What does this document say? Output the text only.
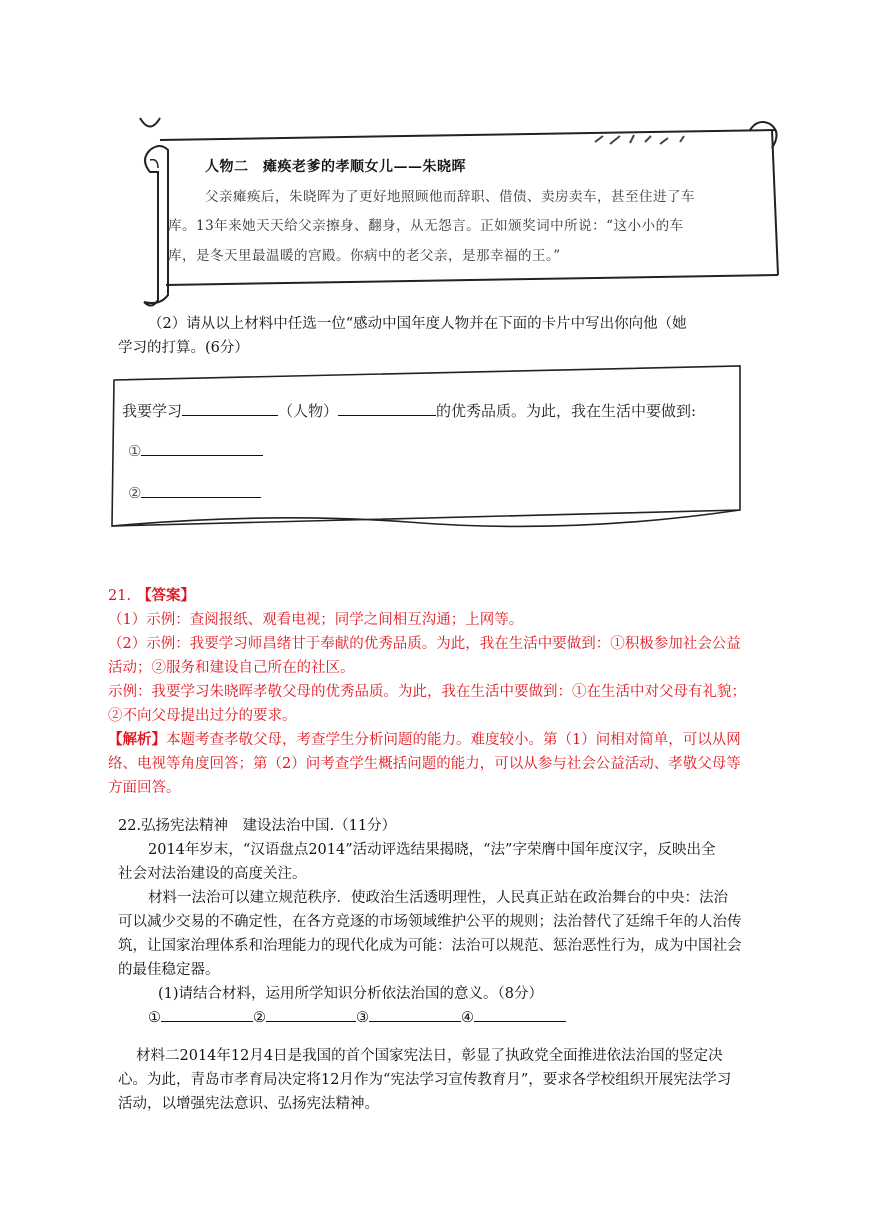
人物二　瘫痪老爹的孝顺女儿——朱晓晖
父亲瘫痪后，朱晓晖为了更好地照顾他而辞职、借债、卖房卖车，甚至住进了车
库。13年来她天天给父亲擦身、翻身，从无怨言。正如颁奖词中所说：“这小小的车
库，是冬天里最温暖的宫殿。你病中的老父亲，是那幸福的王。”
（2）请从以上材料中任选一位“感动中国年度人物并在下面的卡片中写出你向他（她
学习的打算。(6分）
我要学习	（人物）	的优秀品质。为此，我在生活中要做到:
①
②
21. 【答案】
（1）示例：查阅报纸、观看电视；同学之间相互沟通；上网等。
（2）示例：我要学习师昌绪甘于奉献的优秀品质。为此，我在生活中要做到：①积极参加社会公益
活动；②服务和建设自己所在的社区。
示例：我要学习朱晓晖孝敬父母的优秀品质。为此，我在生活中要做到：①在生活中对父母有礼貌；
②不向父母提出过分的要求。
【解析】本题考查孝敬父母，考查学生分析问题的能力。难度较小。第（1）问相对简单，可以从网
络、电视等角度回答；第（2）问考查学生概括问题的能力，可以从参与社会公益活动、孝敬父母等
方面回答。
22.弘扬宪法精神　建设法治中国.（11分）
2014年岁末，“汉语盘点2014”活动评选结果揭晓，“法”字荣膺中国年度汉字，反映出全
社会对法治建设的高度关注。
材料一法治可以建立规范秩序．使政治生活透明理性，人民真正站在政治舞台的中央：法治
可以减少交易的不确定性，在各方竞逐的市场领域维护公平的规则；法治替代了廷绵千年的人治传
筑，让国家治理体系和治理能力的现代化成为可能：法治可以规范、惩治恶性行为，成为中国社会
的最佳稳定器。
(1)请结合材料，运用所学知识分析依法治国的意义。（8分）
①	②	③	④
材料二2014年12月4日是我国的首个国家宪法日，彰显了执政党全面推进依法治国的竖定决
心。为此，青岛市孝育局决定将12月作为“宪法学习宣传教育月”，要求各学校组织开展宪法学习
活动，以增强宪法意识、弘扬宪法精神。
